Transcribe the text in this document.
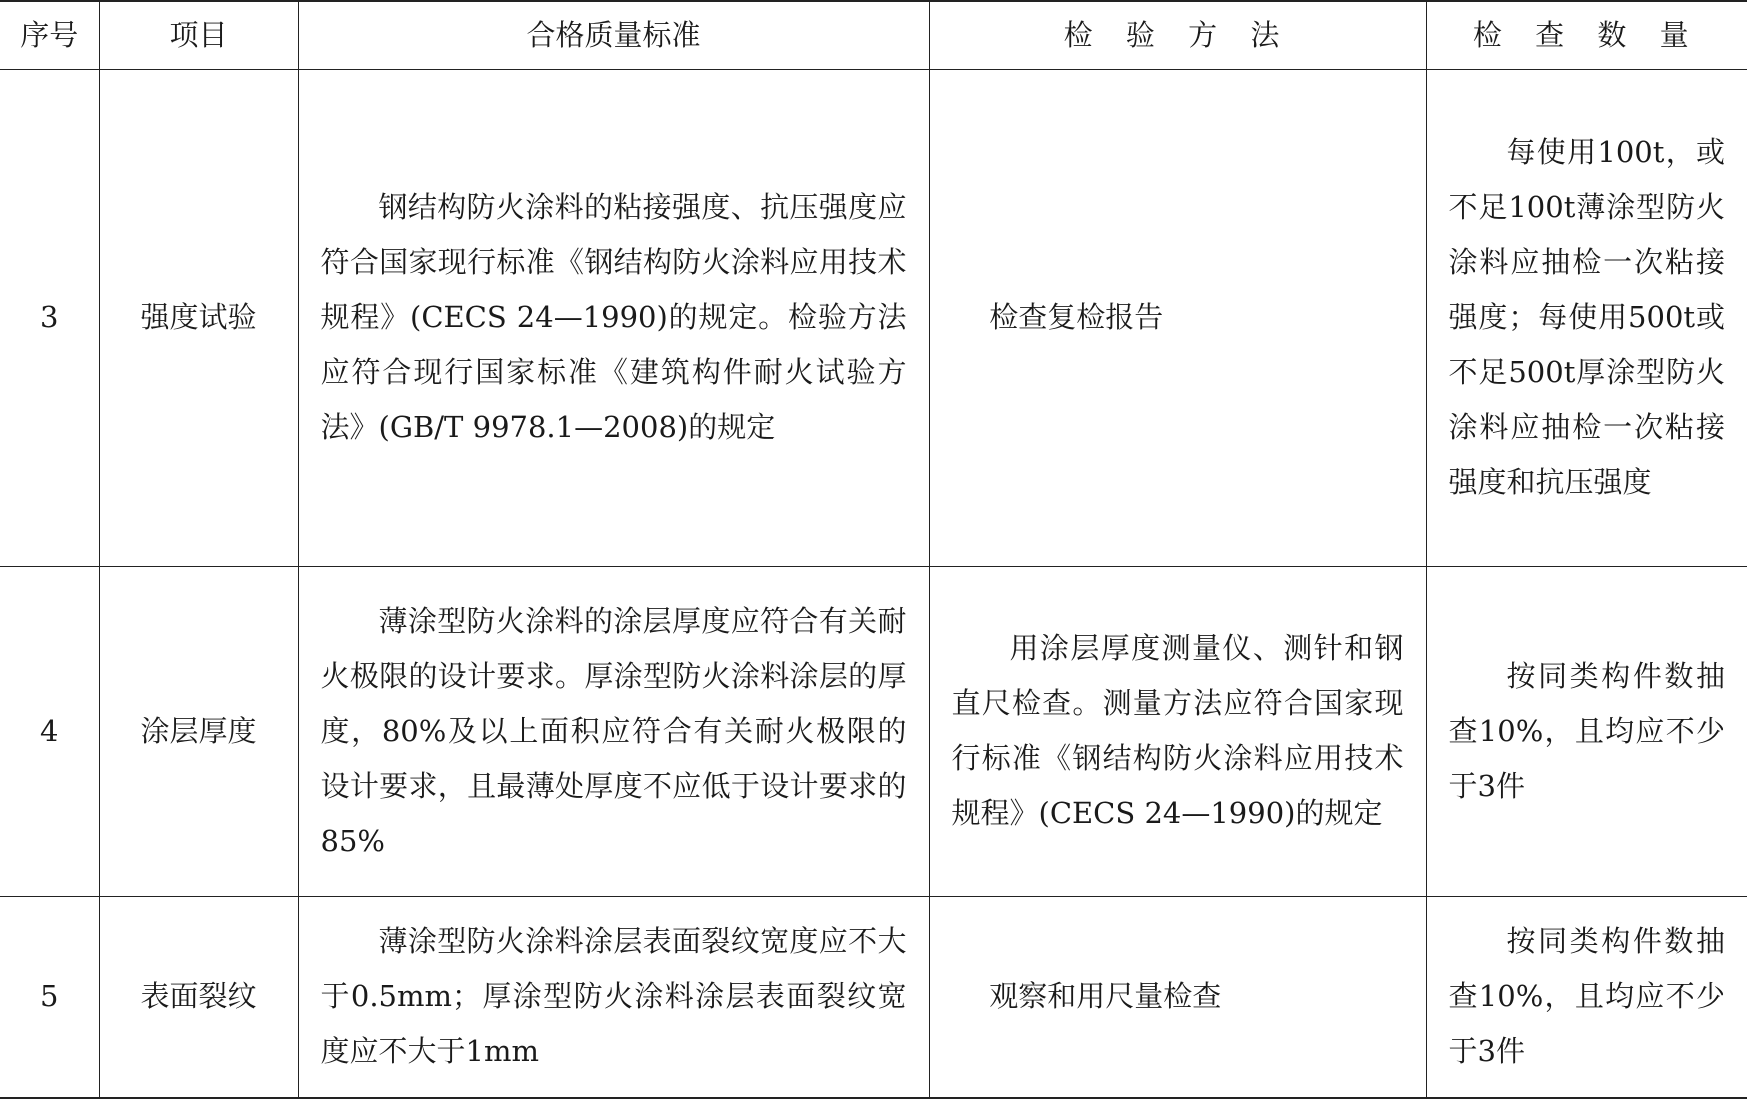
序号	项目	合格质量标准	检 验 方 法	检 查 数 量
3	强度试验	钢结构防火涂料的粘接强度、抗压强度应符合国家现行标准《钢结构防火涂料应用技术规程》(CECS 24—1990)的规定。检验方法应符合现行国家标准《建筑构件耐火试验方法》(GB/T 9978.1—2008)的规定	检查复检报告	每使用100t，或不足100t薄涂型防火涂料应抽检一次粘接强度；每使用500t或不足500t厚涂型防火涂料应抽检一次粘接强度和抗压强度
4	涂层厚度	薄涂型防火涂料的涂层厚度应符合有关耐火极限的设计要求。厚涂型防火涂料涂层的厚度，80%及以上面积应符合有关耐火极限的设计要求，且最薄处厚度不应低于设计要求的85%	用涂层厚度测量仪、测针和钢直尺检查。测量方法应符合国家现行标准《钢结构防火涂料应用技术规程》(CECS 24—1990)的规定	按同类构件数抽查10%，且均应不少于3件
5	表面裂纹	薄涂型防火涂料涂层表面裂纹宽度应不大于0.5mm；厚涂型防火涂料涂层表面裂纹宽度应不大于1mm	观察和用尺量检查	按同类构件数抽查10%，且均应不少于3件
